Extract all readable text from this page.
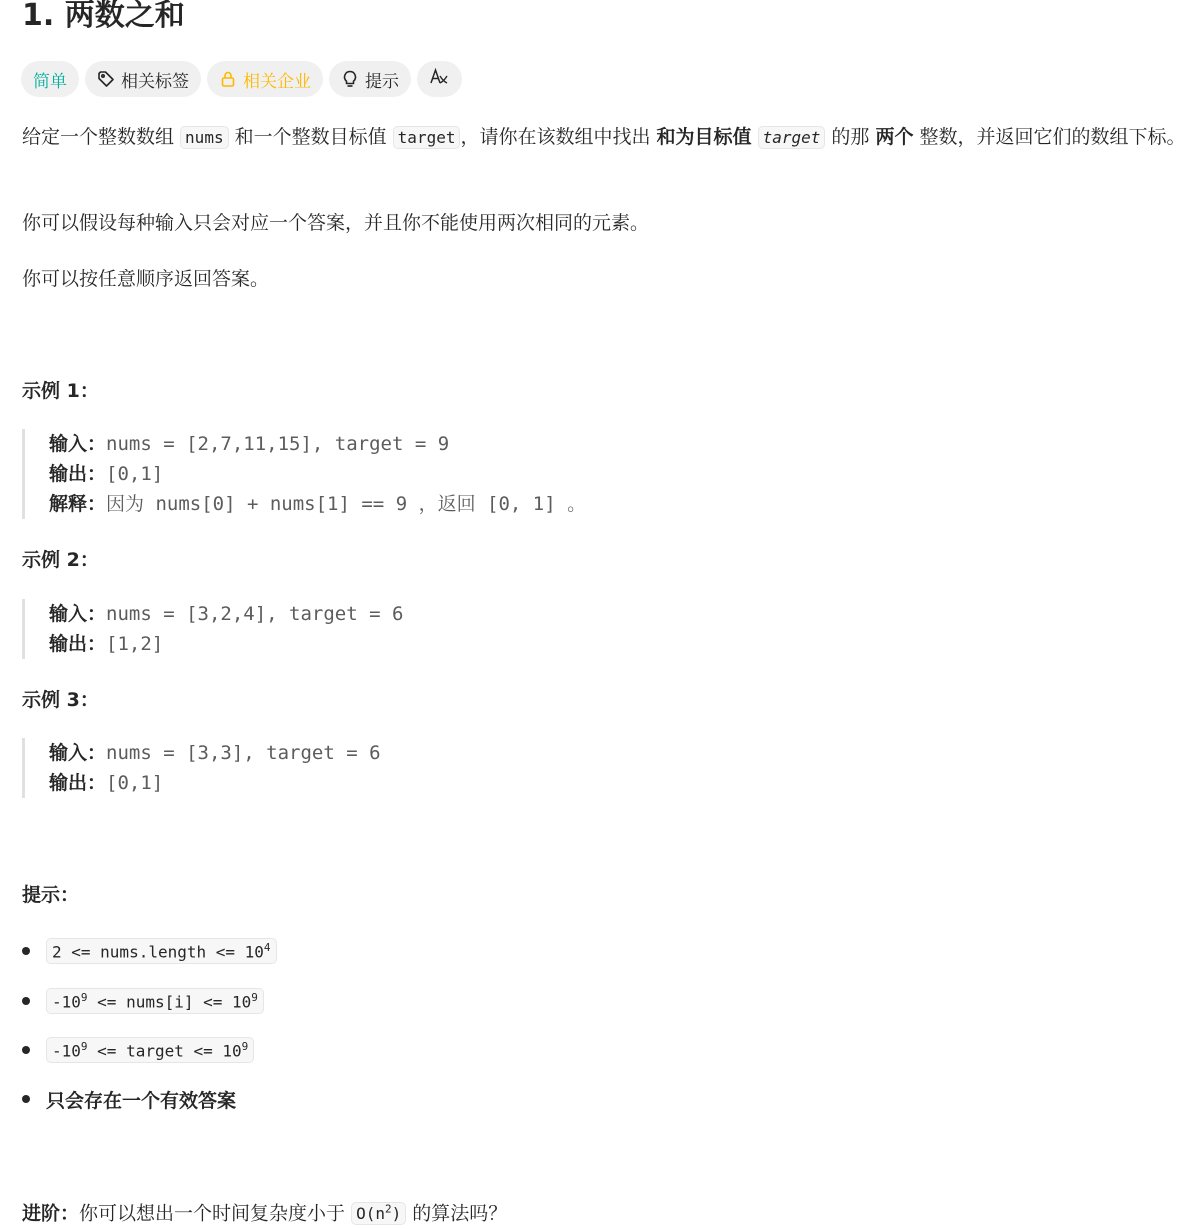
1. 两数之和
简单	相关标签	相关企业	提示
给定一个整数数组 nums 和一个整数目标值 target ，请你在该数组中找出 和为目标值 target 的那 两个 整数，并返回它们的数组下标。
你可以假设每种输入只会对应一个答案，并且你不能使用两次相同的元素。
你可以按任意顺序返回答案。
示例 1：
输入：nums = [2,7,11,15], target = 9
输出：[0,1]
解释：因为 nums[0] + nums[1] == 9 ，返回 [0, 1] 。
示例 2：
输入：nums = [3,2,4], target = 6
输出：[1,2]
示例 3：
输入：nums = [3,3], target = 6
输出：[0,1]
提示：
2 <= nums.length <= $10^4$
$-10^9$ <= nums[i] <= $10^9$
$-10^9$ <= target <= $10^9$
只会存在一个有效答案
进阶：你可以想出一个时间复杂度小于 $O(n^2)$ 的算法吗？
